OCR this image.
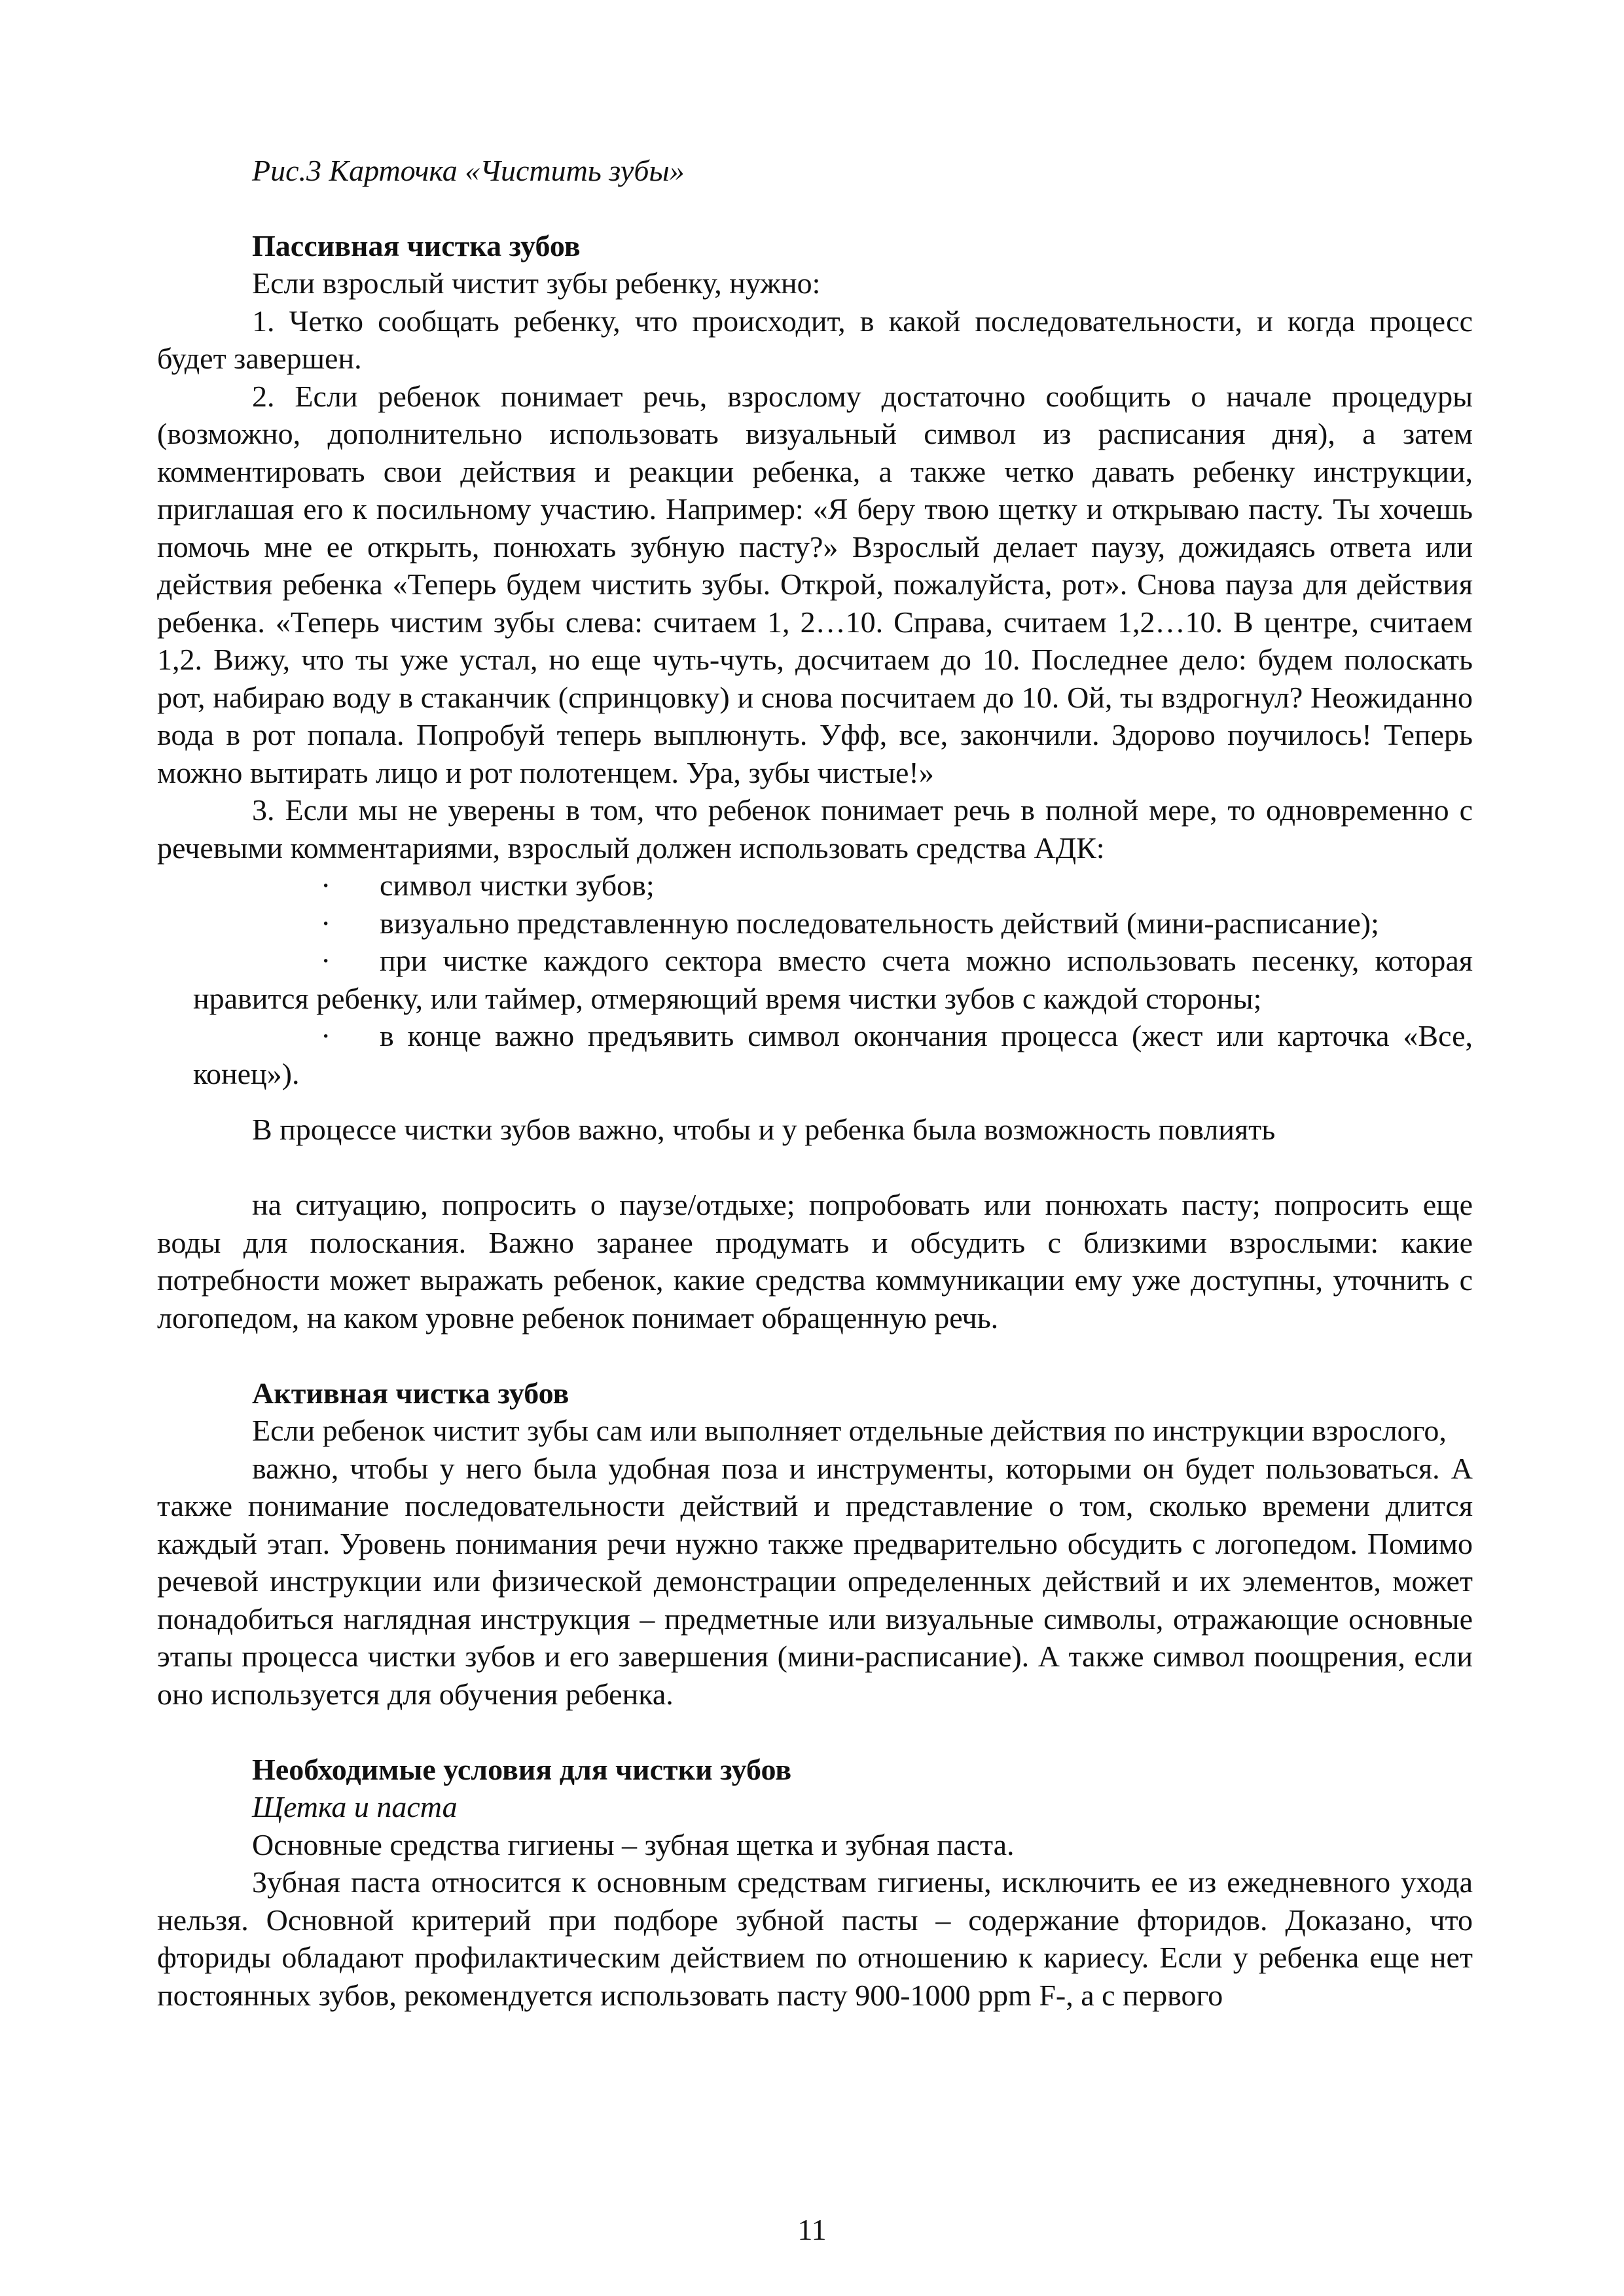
Рис.3 Карточка «Чистить зубы»

Пассивная чистка зубов

Если взрослый чистит зубы ребенку, нужно:

1. Четко сообщать ребенку, что происходит, в какой последовательности, и когда процесс будет завершен.

2. Если ребенок понимает речь, взрослому достаточно сообщить о начале процедуры (возможно, дополнительно использовать визуальный символ из расписания дня), а затем комментировать свои действия и реакции ребенка, а также четко давать ребенку инструкции, приглашая его к посильному участию. Например: «Я беру твою щетку и открываю пасту. Ты хочешь помочь мне ее открыть, понюхать зубную пасту?» Взрослый делает паузу, дожидаясь ответа или действия ребенка «Теперь будем чистить зубы. Открой, пожалуйста, рот». Снова пауза для действия ребенка. «Теперь чистим зубы слева: считаем 1, 2…10. Справа, считаем 1,2…10. В центре, считаем 1,2. Вижу, что ты уже устал, но еще чуть-чуть, досчитаем до 10. Последнее дело: будем полоскать рот, набираю воду в стаканчик (спринцовку) и снова посчитаем до 10. Ой, ты вздрогнул? Неожиданно вода в рот попала. Попробуй теперь выплюнуть. Уфф, все, закончили. Здорово поучилось! Теперь можно вытирать лицо и рот полотенцем. Ура, зубы чистые!»

3. Если мы не уверены в том, что ребенок понимает речь в полной мере, то одновременно с речевыми комментариями, взрослый должен использовать средства АДК:

· символ чистки зубов;
· визуально представленную последовательность действий (мини-расписание);
· при чистке каждого сектора вместо счета можно использовать песенку, которая нравится ребенку, или таймер, отмеряющий время чистки зубов с каждой стороны;
· в конце важно предъявить символ окончания процесса (жест или карточка «Все, конец»).

В процессе чистки зубов важно, чтобы и у ребенка была возможность повлиять

на ситуацию, попросить о паузе/отдыхе; попробовать или понюхать пасту; попросить еще воды для полоскания. Важно заранее продумать и обсудить с близкими взрослыми: какие потребности может выражать ребенок, какие средства коммуникации ему уже доступны, уточнить с логопедом, на каком уровне ребенок понимает обращенную речь.

Активная чистка зубов

Если ребенок чистит зубы сам или выполняет отдельные действия по инструкции взрослого,

важно, чтобы у него была удобная поза и инструменты, которыми он будет пользоваться. А также понимание последовательности действий и представление о том, сколько времени длится каждый этап. Уровень понимания речи нужно также предварительно обсудить с логопедом. Помимо речевой инструкции или физической демонстрации определенных действий и их элементов, может понадобиться наглядная инструкция – предметные или визуальные символы, отражающие основные этапы процесса чистки зубов и его завершения (мини-расписание). А также символ поощрения, если оно используется для обучения ребенка.

Необходимые условия для чистки зубов

Щетка и паста

Основные средства гигиены – зубная щетка и зубная паста.

Зубная паста относится к основным средствам гигиены, исключить ее из ежедневного ухода нельзя. Основной критерий при подборе зубной пасты – содержание фторидов. Доказано, что фториды обладают профилактическим действием по отношению к кариесу. Если у ребенка еще нет постоянных зубов, рекомендуется использовать пасту 900-1000 ppm F-, а с первого

11
